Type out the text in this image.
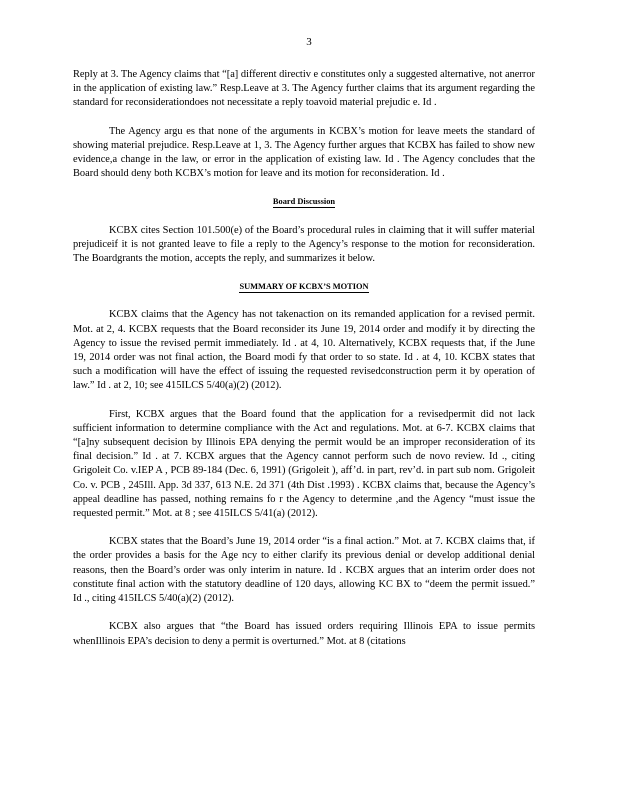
3

Reply at 3. The Agency claims that “[a] different directiv e constitutes only a suggested alternative, not anerror in the application of existing law.” Resp.Leave at 3. The Agency further claims that its argument regarding the standard for reconsiderationdoes not necessitate a reply toavoid material prejudic e. Id .

The Agency argu es that none of the arguments in KCBX’s motion for leave meets the standard of showing material prejudice. Resp.Leave at 1, 3. The Agency further argues that KCBX has failed to show new evidence,a change in the law, or error in the application of existing law. Id . The Agency concludes that the Board should deny both KCBX’s motion for leave and its motion for reconsideration. Id .

Board Discussion

KCBX cites Section 101.500(e) of the Board’s procedural rules in claiming that it will suffer material prejudiceif it is not granted leave to file a reply to the Agency’s response to the motion for reconsideration. The Boardgrants the motion, accepts the reply, and summarizes it below.

SUMMARY OF KCBX’S MOTION

KCBX claims that the Agency has not takenaction on its remanded application for a revised permit. Mot. at 2, 4. KCBX requests that the Board reconsider its June 19, 2014 order and modify it by directing the Agency to issue the revised permit immediately. Id . at 4, 10. Alternatively, KCBX requests that, if the June 19, 2014 order was not final action, the Board modi fy that order to so state. Id . at 4, 10. KCBX states that such a modification will have the effect of issuing the requested revisedconstruction perm it by operation of law.” Id . at 2, 10; see 415ILCS 5/40(a)(2) (2012).

First, KCBX argues that the Board found that the application for a revisedpermit did not lack sufficient information to determine compliance with the Act and regulations. Mot. at 6-7. KCBX claims that “[a]ny subsequent decision by Illinois EPA denying the permit would be an improper reconsideration of its final decision.” Id . at 7. KCBX argues that the Agency cannot perform such de novo review. Id ., citing Grigoleit Co. v.IEP A , PCB 89-184 (Dec. 6, 1991) (Grigoleit ), aff’d. in part, rev’d. in part sub nom. Grigoleit Co. v. PCB , 245Ill. App. 3d 337, 613 N.E. 2d 371 (4th Dist .1993) . KCBX claims that, because the Agency’s appeal deadline has passed, nothing remains fo r the Agency to determine ,and the Agency “must issue the requested permit.” Mot. at 8 ; see 415ILCS 5/41(a) (2012).

KCBX states that the Board’s June 19, 2014 order “is a final action.” Mot. at 7. KCBX claims that, if the order provides a basis for the Age ncy to either clarify its previous denial or develop additional denial reasons, then the Board’s order was only interim in nature. Id . KCBX argues that an interim order does not constitute final action with the statutory deadline of 120 days, allowing KC BX to “deem the permit issued.” Id ., citing 415ILCS 5/40(a)(2) (2012).

KCBX also argues that “the Board has issued orders requiring Illinois EPA to issue permits whenIllinois EPA’s decision to deny a permit is overturned.” Mot. at 8 (citations
